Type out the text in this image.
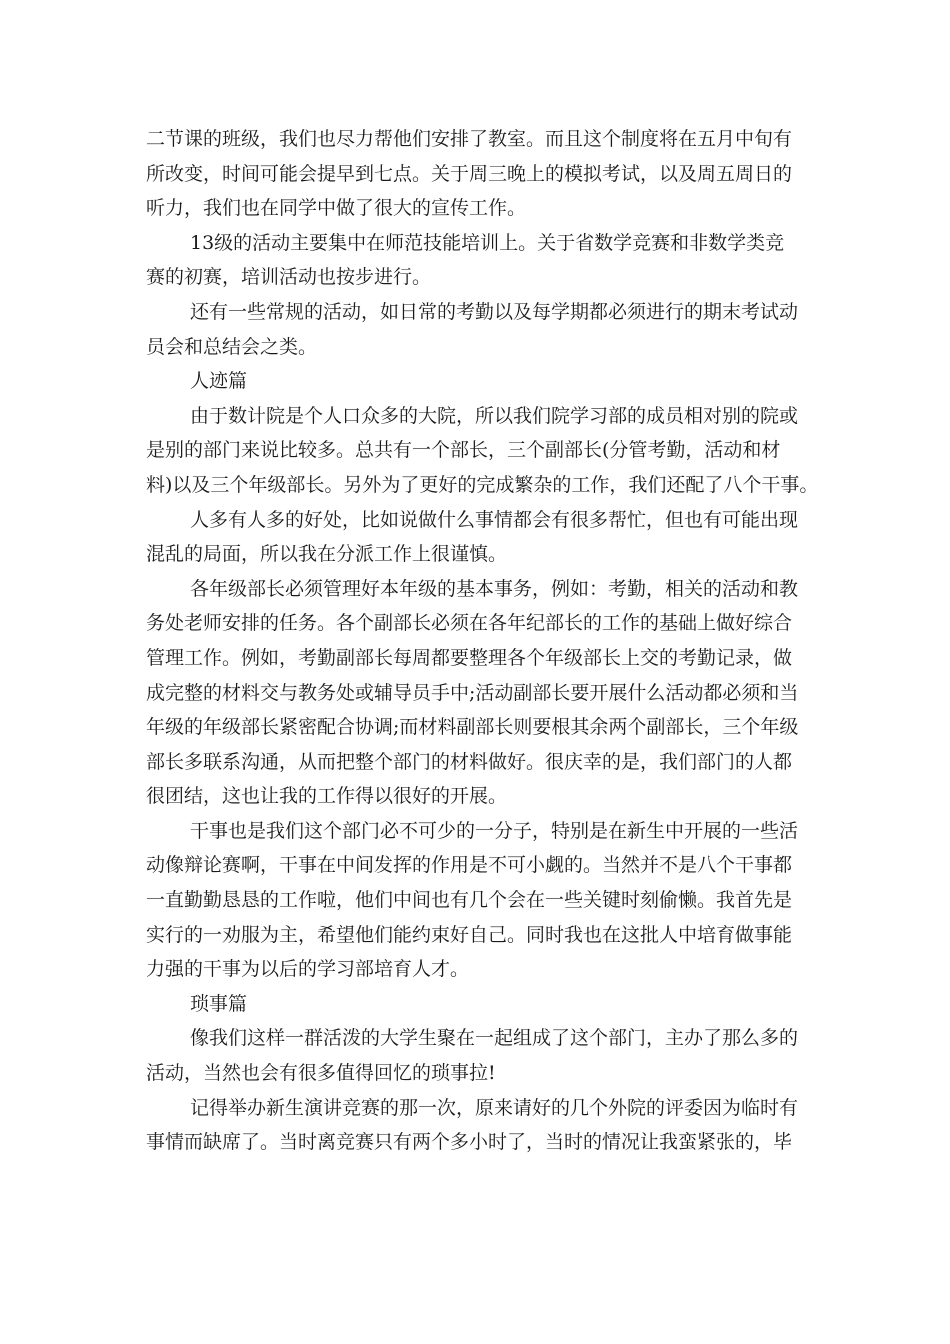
二节课的班级，我们也尽力帮他们安排了教室。而且这个制度将在五月中旬有
所改变，时间可能会提早到七点。关于周三晚上的模拟考试，以及周五周日的
听力，我们也在同学中做了很大的宣传工作。
13级的活动主要集中在师范技能培训上。关于省数学竞赛和非数学类竞
赛的初赛，培训活动也按步进行。
还有一些常规的活动，如日常的考勤以及每学期都必须进行的期末考试动
员会和总结会之类。
人迹篇
由于数计院是个人口众多的大院，所以我们院学习部的成员相对别的院或
是别的部门来说比较多。总共有一个部长，三个副部长(分管考勤，活动和材
料)以及三个年级部长。另外为了更好的完成繁杂的工作，我们还配了八个干事。
人多有人多的好处，比如说做什么事情都会有很多帮忙，但也有可能出现
混乱的局面，所以我在分派工作上很谨慎。
各年级部长必须管理好本年级的基本事务，例如：考勤，相关的活动和教
务处老师安排的任务。各个副部长必须在各年纪部长的工作的基础上做好综合
管理工作。例如，考勤副部长每周都要整理各个年级部长上交的考勤记录，做
成完整的材料交与教务处或辅导员手中;活动副部长要开展什么活动都必须和当
年级的年级部长紧密配合协调;而材料副部长则要根其余两个副部长，三个年级
部长多联系沟通，从而把整个部门的材料做好。很庆幸的是，我们部门的人都
很团结，这也让我的工作得以很好的开展。
干事也是我们这个部门必不可少的一分子，特别是在新生中开展的一些活
动像辩论赛啊，干事在中间发挥的作用是不可小觑的。当然并不是八个干事都
一直勤勤恳恳的工作啦，他们中间也有几个会在一些关键时刻偷懒。我首先是
实行的一劝服为主，希望他们能约束好自己。同时我也在这批人中培育做事能
力强的干事为以后的学习部培育人才。
琐事篇
像我们这样一群活泼的大学生聚在一起组成了这个部门，主办了那么多的
活动，当然也会有很多值得回忆的琐事拉!
记得举办新生演讲竞赛的那一次，原来请好的几个外院的评委因为临时有
事情而缺席了。当时离竞赛只有两个多小时了，当时的情况让我蛮紧张的，毕
